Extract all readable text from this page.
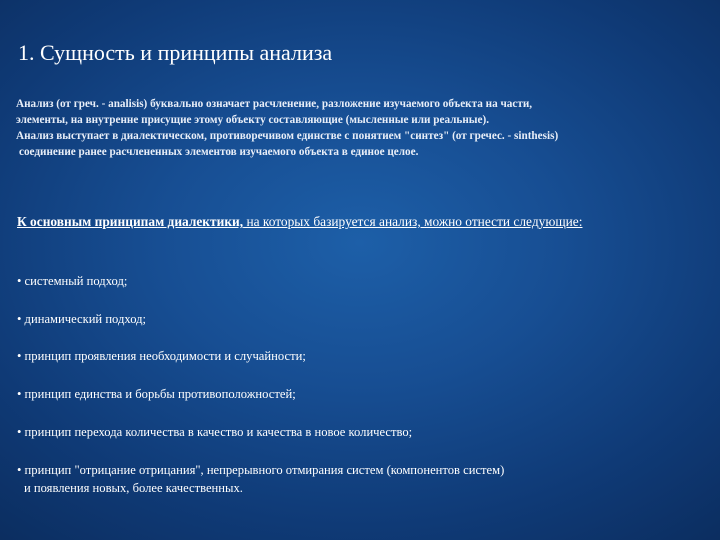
1. Сущность и принципы анализа
Анализ (от греч. - analisis) буквально означает расчленение, разложение изучаемого объекта на части,
элементы, на внутренне присущие этому объекту составляющие (мысленные или реальные).
Анализ выступает в диалектическом, противоречивом единстве с понятием "синтез" (от гречес. - sinthesis)
соединение ранее расчлененных элементов изучаемого объекта в единое целое.
К основным принципам диалектики, на которых базируется анализ, можно отнести следующие:
• системный подход;
• динамический подход;
• принцип проявления необходимости и случайности;
• принцип единства и борьбы противоположностей;
• принцип перехода количества в качество и качества в новое количество;
• принцип "отрицание отрицания", непрерывного отмирания систем (компонентов систем)
и появления новых, более качественных.
